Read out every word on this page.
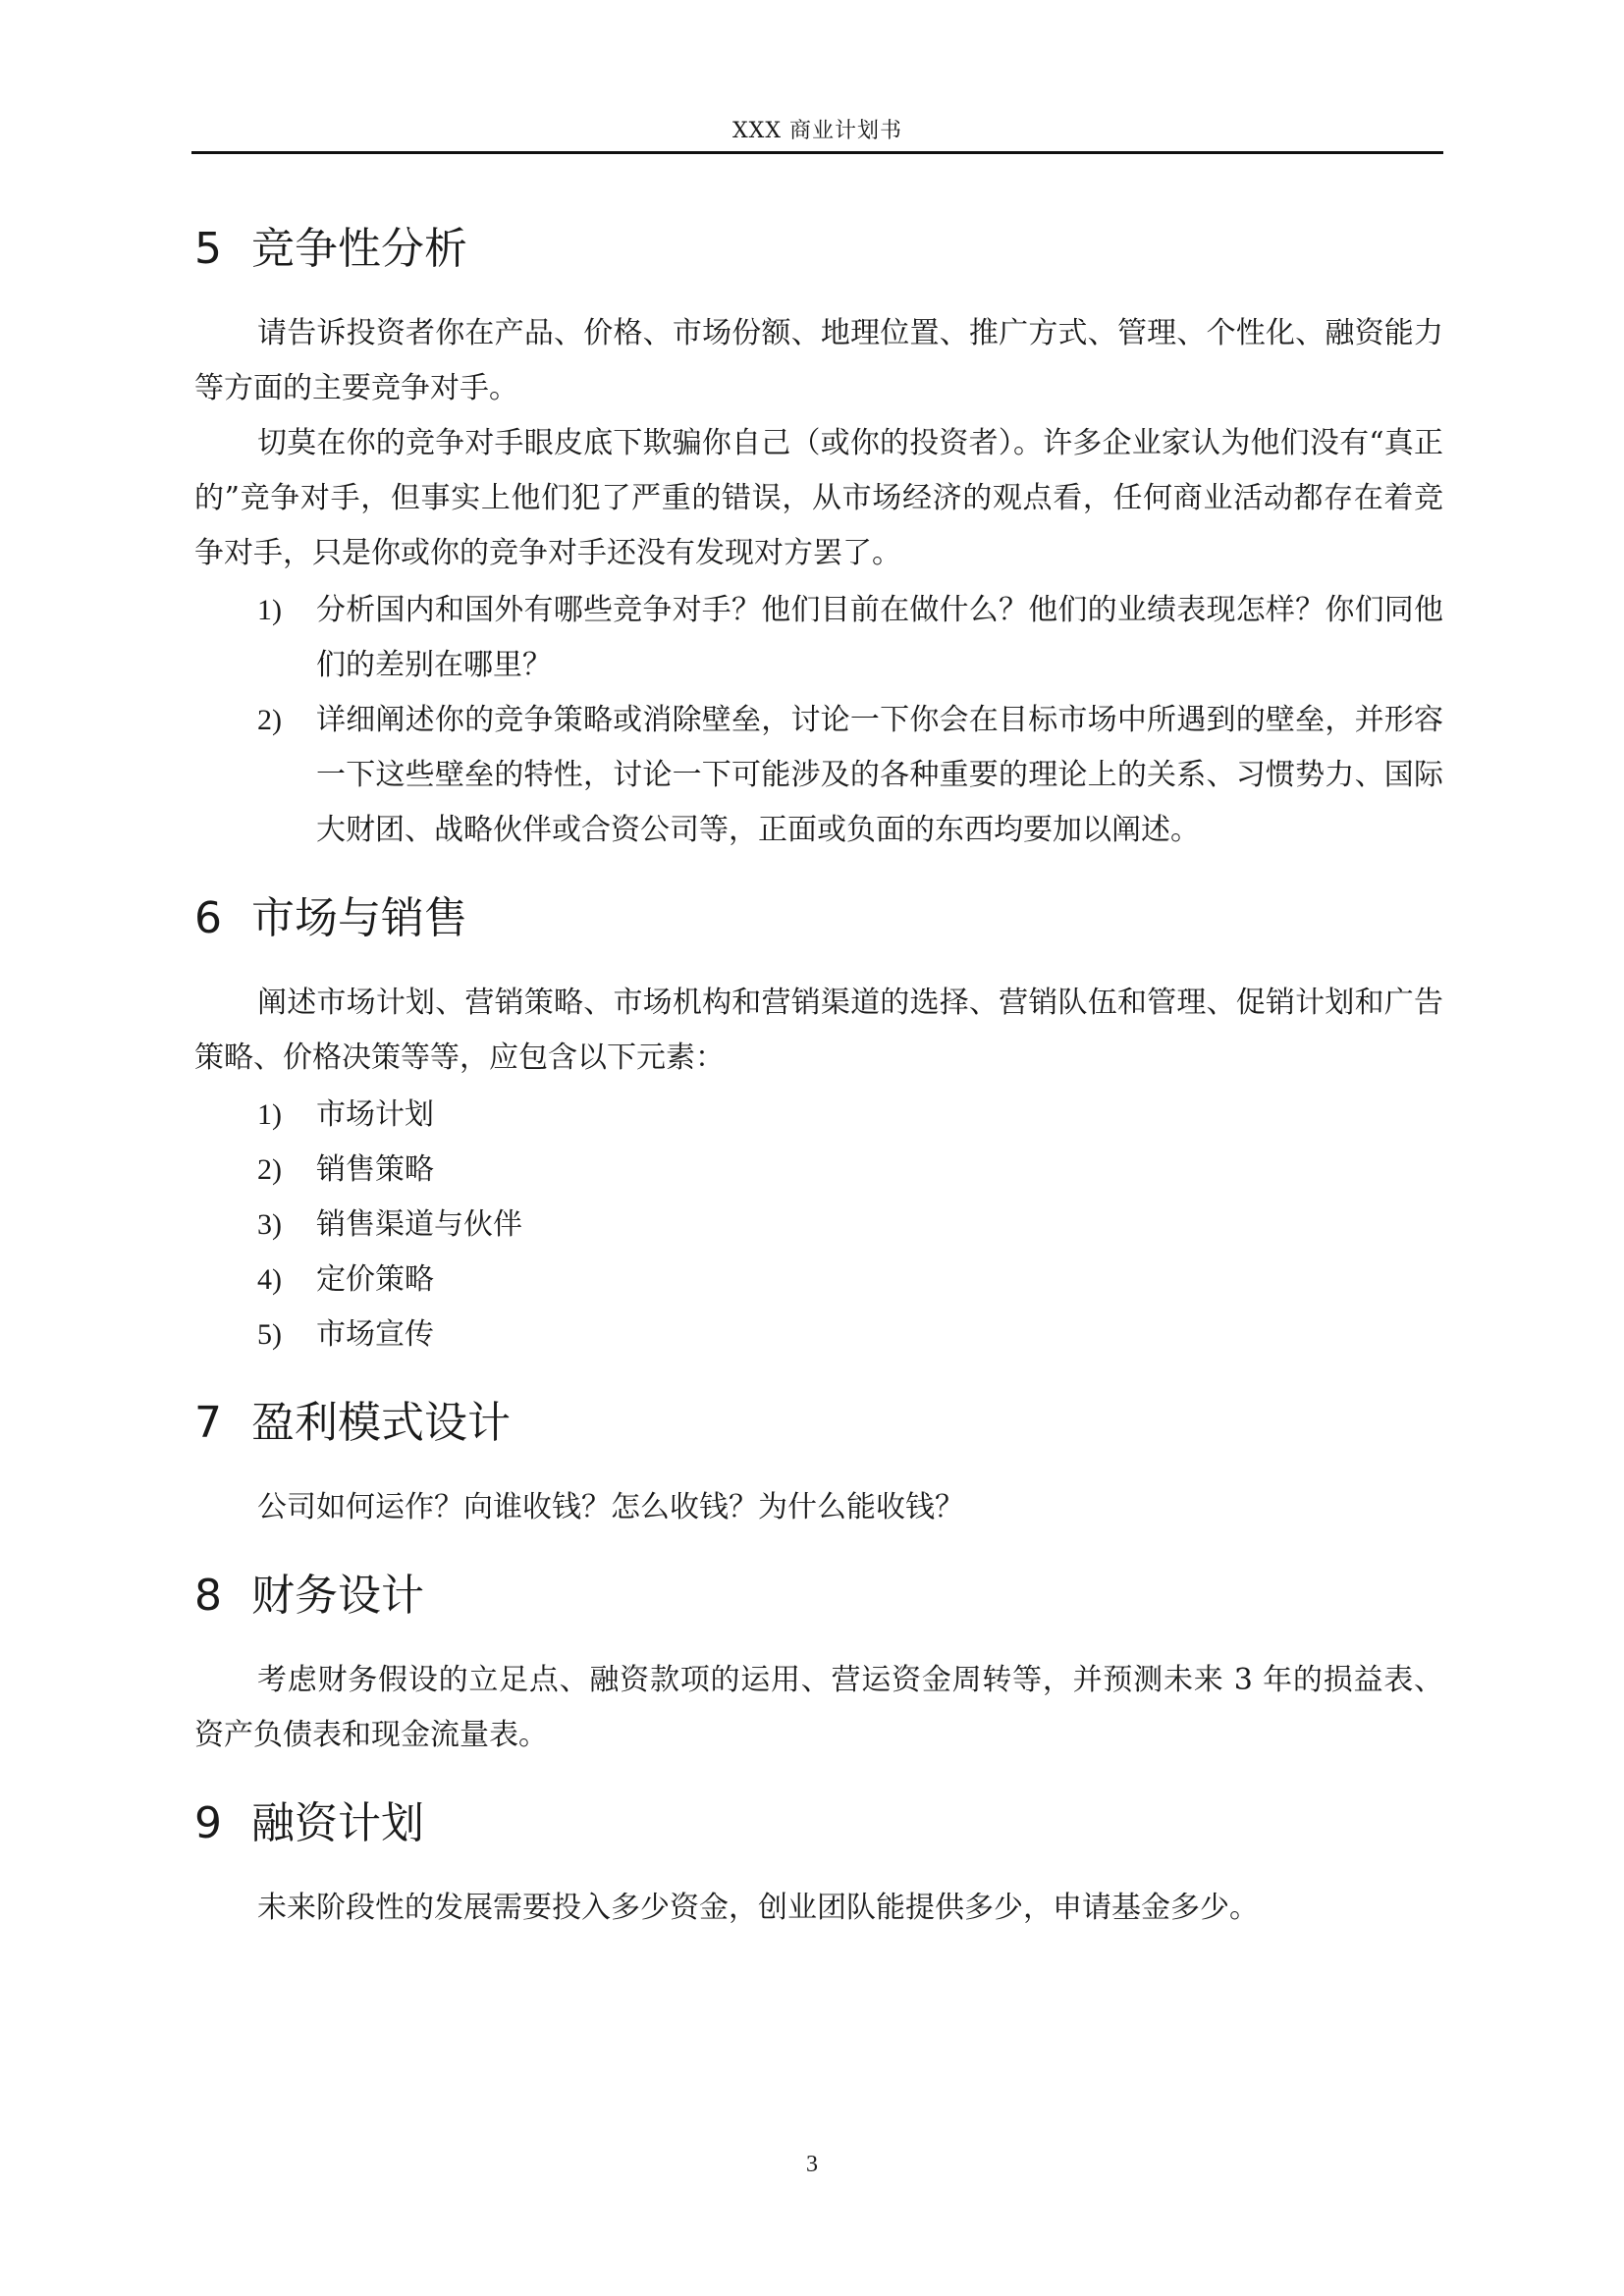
XXX 商业计划书
5 竞争性分析

请告诉投资者你在产品、价格、市场份额、地理位置、推广方式、管理、个性化、融资能力等方面的主要竞争对手。

切莫在你的竞争对手眼皮底下欺骗你自己（或你的投资者）。许多企业家认为他们没有“真正的”竞争对手，但事实上他们犯了严重的错误，从市场经济的观点看，任何商业活动都存在着竞争对手，只是你或你的竞争对手还没有发现对方罢了。

1)	分析国内和国外有哪些竞争对手？他们目前在做什么？他们的业绩表现怎样？你们同他们的差别在哪里？
2)	详细阐述你的竞争策略或消除壁垒，讨论一下你会在目标市场中所遇到的壁垒，并形容一下这些壁垒的特性，讨论一下可能涉及的各种重要的理论上的关系、习惯势力、国际大财团、战略伙伴或合资公司等，正面或负面的东西均要加以阐述。
6 市场与销售

阐述市场计划、营销策略、市场机构和营销渠道的选择、营销队伍和管理、促销计划和广告策略、价格决策等等，应包含以下元素：

1)	市场计划
2)	销售策略
3)	销售渠道与伙伴
4)	定价策略
5)	市场宣传
7 盈利模式设计

公司如何运作？向谁收钱？怎么收钱？为什么能收钱？

8 财务设计

考虑财务假设的立足点、融资款项的运用、营运资金周转等，并预测未来 3 年的损益表、资产负债表和现金流量表。

9 融资计划

未来阶段性的发展需要投入多少资金，创业团队能提供多少，申请基金多少。

3
